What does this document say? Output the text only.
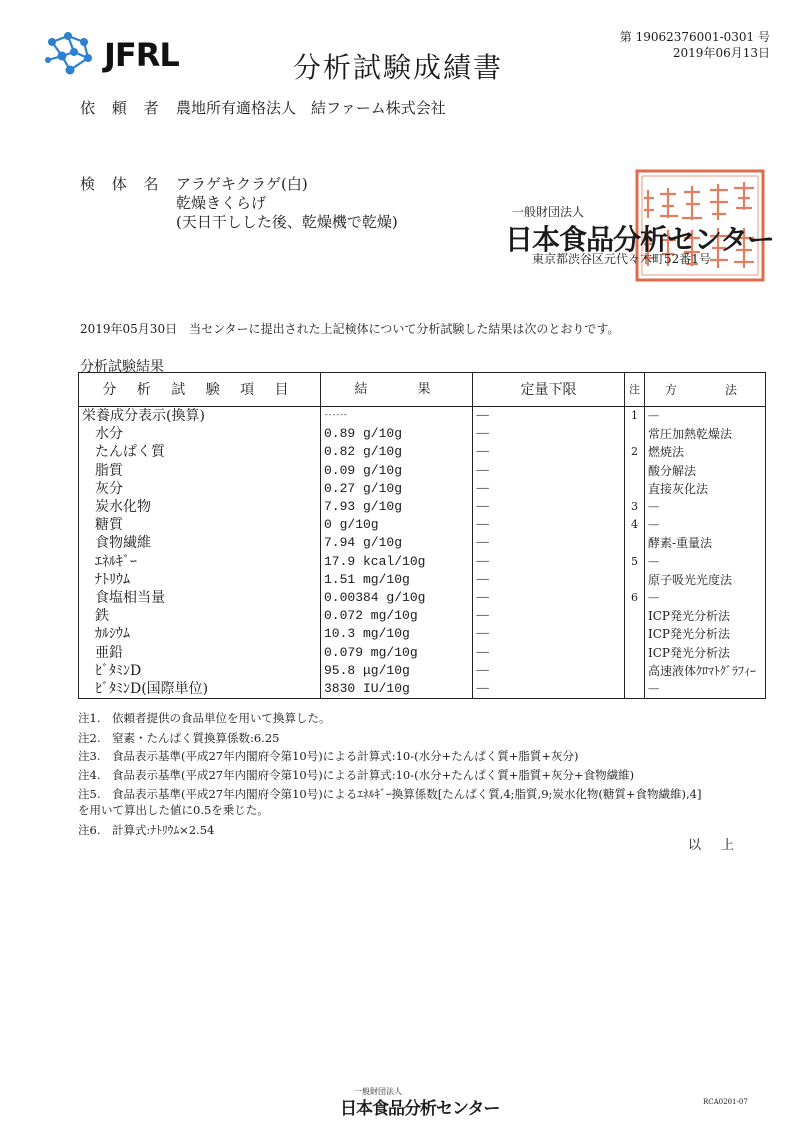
JFRL	分析試験成績書
第 19062376001-0301 号
2019年06月13日
依 頼 者 農地所有適格法人　結ファーム株式会社
検 体 名 アラゲキクラゲ(白)
乾燥きくらげ
(天日干しした後、乾燥機で乾燥)
一般財団法人
日本食品分析センター
東京都渋谷区元代々木町52番1号
2019年05月30日　当センターに提出された上記検体について分析試験した結果は次のとおりです。
分析試験結果
分 析 試 験 項 目	結　　果	定量下限	注	方　　法
栄養成分表示(換算)	------	------	1	------
水分	0.89 g/10g	------		常圧加熱乾燥法
たんぱく質	0.82 g/10g	------	2	燃焼法
脂質	0.09 g/10g	------		酸分解法
灰分	0.27 g/10g	------		直接灰化法
炭水化物	7.93 g/10g	------	3	------
糖質	0 g/10g	------	4	------
食物繊維	7.94 g/10g	------		酵素-重量法
ｴﾈﾙｷﾞｰ	17.9 kcal/10g	------	5	------
ﾅﾄﾘｳﾑ	1.51 mg/10g	------		原子吸光光度法
食塩相当量	0.00384 g/10g	------	6	------
鉄	0.072 mg/10g	------		ICP発光分析法
ｶﾙｼｳﾑ	10.3 mg/10g	------		ICP発光分析法
亜鉛	0.079 mg/10g	------		ICP発光分析法
ﾋﾞﾀﾐﾝD	95.8 μg/10g	------		高速液体ｸﾛﾏﾄｸﾞﾗﾌｨｰ
ﾋﾞﾀﾐﾝD(国際単位)	3830 IU/10g	------		------
注1.　依頼者提供の食品単位を用いて換算した。
注2.　窒素・たんぱく質換算係数:6.25
注3.　食品表示基準(平成27年内閣府令第10号)による計算式:10-(水分+たんぱく質+脂質+灰分)
注4.　食品表示基準(平成27年内閣府令第10号)による計算式:10-(水分+たんぱく質+脂質+灰分+食物繊維)
注5.　食品表示基準(平成27年内閣府令第10号)によるｴﾈﾙｷﾞｰ換算係数[たんぱく質,4;脂質,9;炭水化物(糖質+食物繊維),4]
を用いて算出した値に0.5を乗じた。
注6.　計算式:ﾅﾄﾘｳﾑ×2.54
以上
一般財団法人
日本食品分析センター	RCA0201-07
